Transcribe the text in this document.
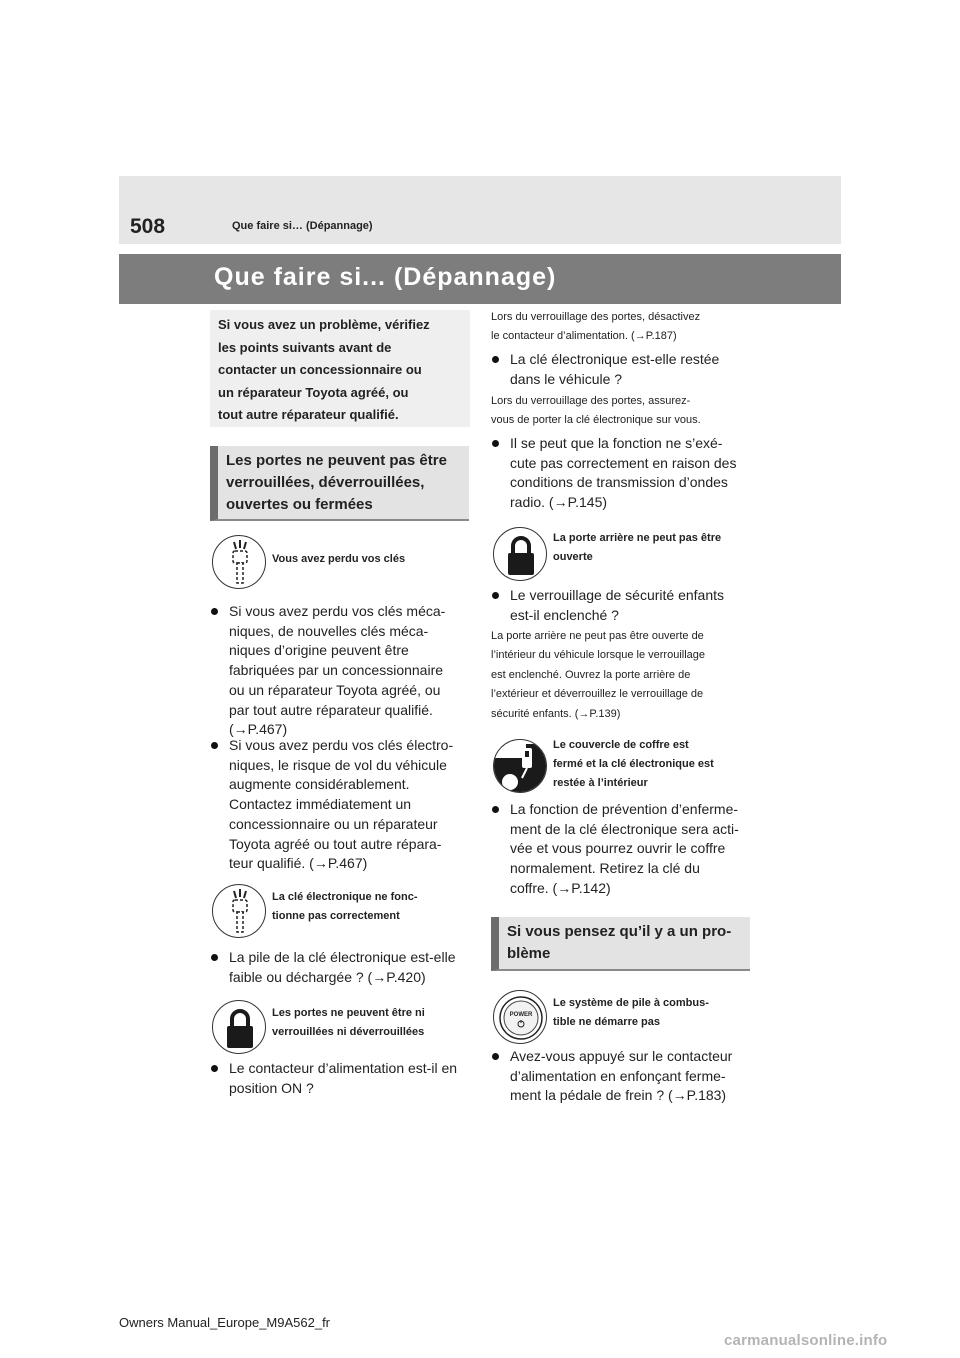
508	Que faire si… (Dépannage)
Que faire si... (Dépannage)

Si vous avez un problème, vérifiez

les points suivants avant de

contacter un concessionnaire ou

un réparateur Toyota agréé, ou

tout autre réparateur qualifié.

Les portes ne peuvent pas être

verrouillées, déverrouillées,

ouvertes ou fermées

Vous avez perdu vos clés

Si vous avez perdu vos clés méca-

niques, de nouvelles clés méca-

niques d’origine peuvent être

fabriquées par un concessionnaire

ou un réparateur Toyota agréé, ou

par tout autre réparateur qualifié.

(→P.467)

Si vous avez perdu vos clés électro-

niques, le risque de vol du véhicule

augmente considérablement.

Contactez immédiatement un

concessionnaire ou un réparateur

Toyota agréé ou tout autre répara-

teur qualifié. (→P.467)

La clé électronique ne fonc-
tionne pas correctement

La pile de la clé électronique est-elle

faible ou déchargée ? (→P.420)

Les portes ne peuvent être ni
verrouillées ni déverrouillées

Le contacteur d’alimentation est-il en

position ON ?

Lors du verrouillage des portes, désactivez

le contacteur d’alimentation. (→P.187)

La clé électronique est-elle restée

dans le véhicule ?

Lors du verrouillage des portes, assurez-

vous de porter la clé électronique sur vous.

Il se peut que la fonction ne s’exé-

cute pas correctement en raison des

conditions de transmission d’ondes

radio. (→P.145)

La porte arrière ne peut pas être
ouverte

Le verrouillage de sécurité enfants

est-il enclenché ?

La porte arrière ne peut pas être ouverte de

l’intérieur du véhicule lorsque le verrouillage

est enclenché. Ouvrez la porte arrière de

l’extérieur et déverrouillez le verrouillage de

sécurité enfants. (→P.139)

Le couvercle de coffre est
fermé et la clé électronique est
restée à l’intérieur

La fonction de prévention d’enferme-

ment de la clé électronique sera acti-

vée et vous pourrez ouvrir le coffre

normalement. Retirez la clé du

coffre. (→P.142)

Si vous pensez qu’il y a un pro-

blème

POWER
Le système de pile à combus-
tible ne démarre pas

Avez-vous appuyé sur le contacteur

d’alimentation en enfonçant ferme-

ment la pédale de frein ? (→P.183)

Owners Manual_Europe_M9A562_fr
carmanualsonline.info
